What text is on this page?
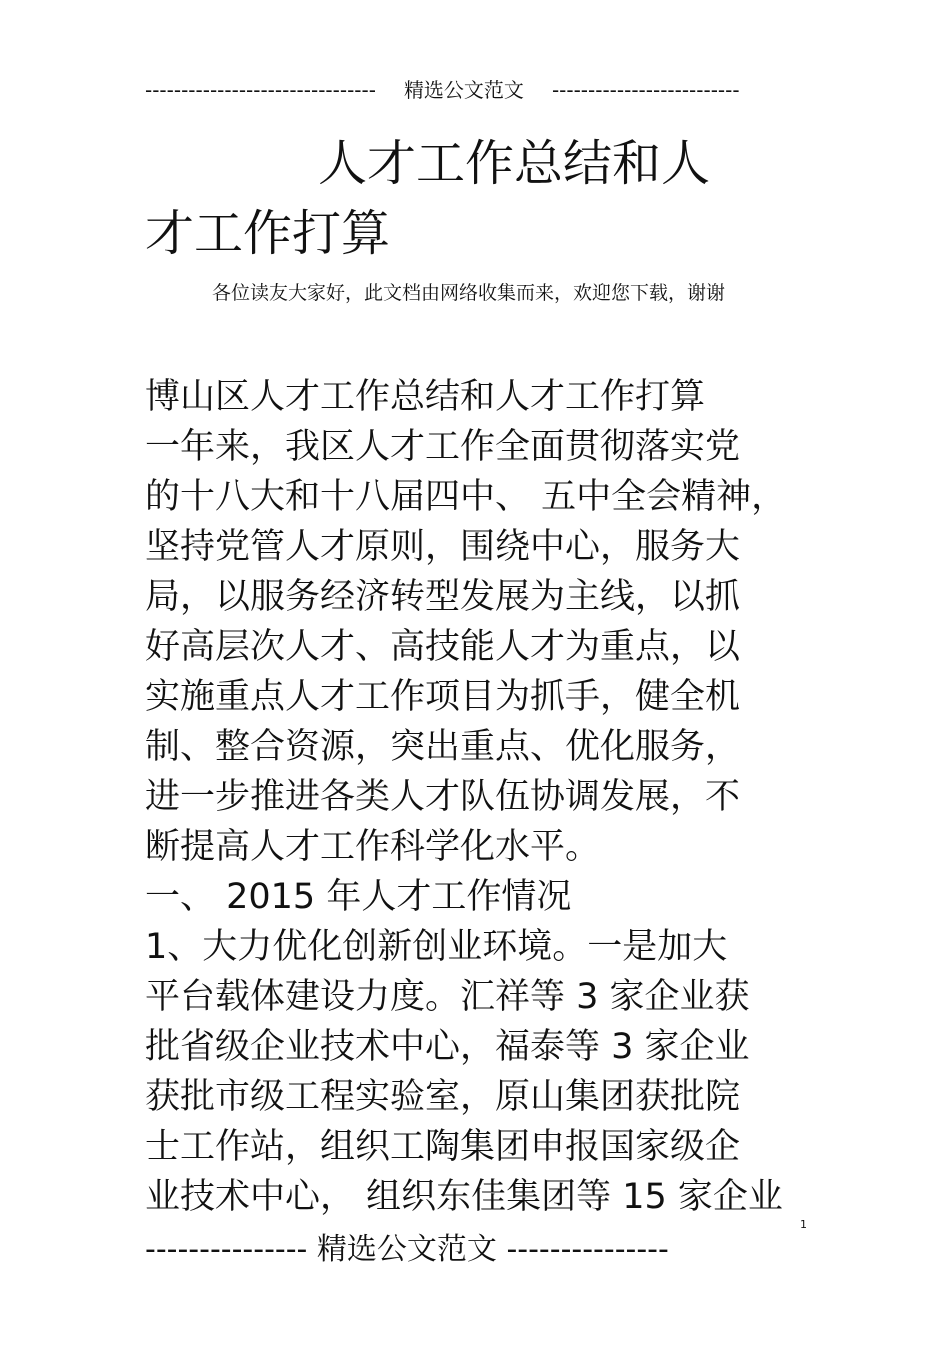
-------------------------------- 精选公文范文 --------------------------
人才工作总结和人
才工作打算
各位读友大家好，此文档由网络收集而来，欢迎您下载，谢谢
博山区人才工作总结和人才工作打算
一年来，我区人才工作全面贯彻落实党
的十八大和十八届四中、 五中全会精神，
坚持党管人才原则，围绕中心，服务大
局，以服务经济转型发展为主线，以抓
好高层次人才、高技能人才为重点，以
实施重点人才工作项目为抓手，健全机
制、整合资源，突出重点、优化服务，
进一步推进各类人才队伍协调发展，不
断提高人才工作科学化水平。
一、 2015 年人才工作情况
1、大力优化创新创业环境。一是加大
平台载体建设力度。汇祥等 3 家企业获
批省级企业技术中心，福泰等 3 家企业
获批市级工程实验室，原山集团获批院
士工作站，组织工陶集团申报国家级企
业技术中心， 组织东佳集团等 15 家企业
1
--------------- 精选公文范文 ---------------
